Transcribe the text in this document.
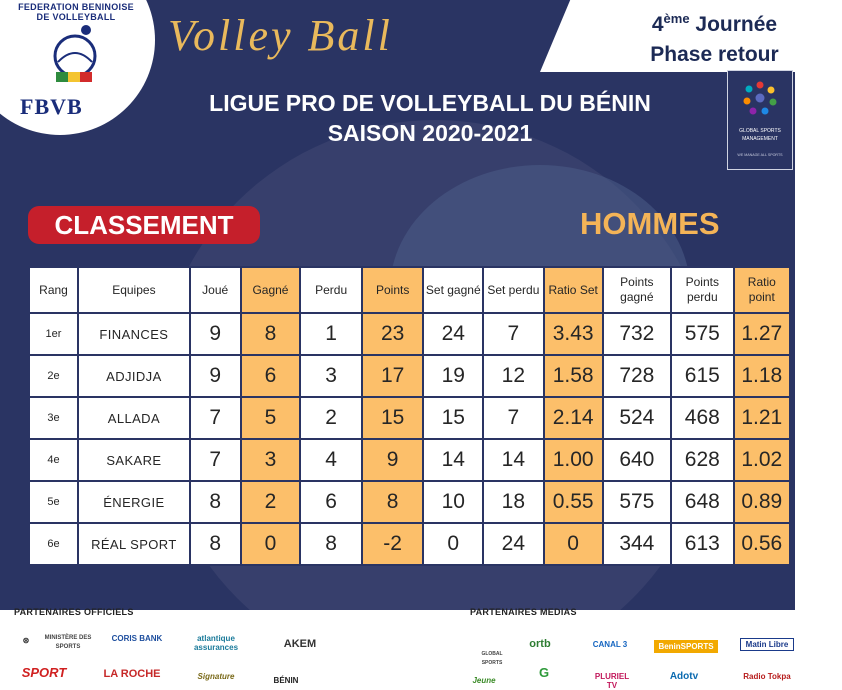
FEDERATION BENINOISE DE VOLLEYBALL
FBVB
Volley Ball	4ème Journée
Phase retour
LIGUE PRO DE VOLLEYBALL DU BÉNIN
SAISON 2020-2021	GLOBAL SPORTS
MANAGEMENT
WE MANAGE ALL SPORTS
CLASSEMENT	HOMMES
Rang	Equipes	Joué	Gagné	Perdu	Points	Set gagné	Set perdu	Ratio Set	Points gagné	Points perdu	Ratio point
1er	FINANCES	9	8	1	23	24	7	3.43	732	575	1.27
2e	ADJIDJA	9	6	3	17	19	12	1.58	728	615	1.18
3e	ALLADA	7	5	2	15	15	7	2.14	524	468	1.21
4e	SAKARE	7	3	4	9	14	14	1.00	640	628	1.02
5e	ÉNERGIE	8	2	6	8	10	18	0.55	575	648	0.89
6e	RÉAL SPORT	8	0	8	-2	0	24	0	344	613	0.56
PARTENAIRES OFFICIELS	PARTENAIRES MEDIAS
⊛	MINISTÈRE DES SPORTS
CORIS BANK	atlantique assurances	AKEM
SPORT	LA ROCHE	Signature	BÉNIN
GLOBAL SPORTS
ortb	CANAL 3	BeninSPORTS	Matin Libre
Jeune
G	PLURIEL TV
Adotv	Radio Tokpa
